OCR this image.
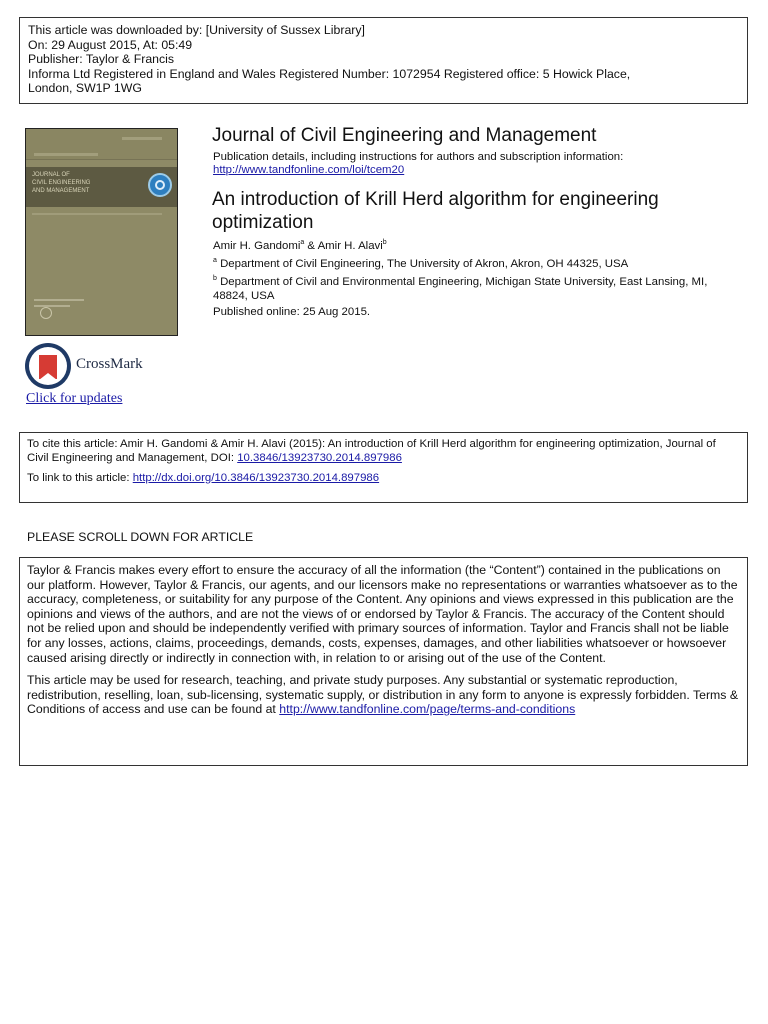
This article was downloaded by: [University of Sussex Library]
On: 29 August 2015, At: 05:49
Publisher: Taylor & Francis
Informa Ltd Registered in England and Wales Registered Number: 1072954 Registered office: 5 Howick Place,
London, SW1P 1WG
JOURNAL OF
CIVIL ENGINEERING
AND MANAGEMENT
Journal of Civil Engineering and Management
Publication details, including instructions for authors and subscription information:
http://www.tandfonline.com/loi/tcem20
An introduction of Krill Herd algorithm for engineering optimization
Amir H. Gandomi$^a$ & Amir H. Alavi$^b$
$^a$ Department of Civil Engineering, The University of Akron, Akron, OH 44325, USA
$^b$ Department of Civil and Environmental Engineering, Michigan State University, East Lansing, MI, 48824, USA
Published online: 25 Aug 2015.
CrossMark
Click for updates

To cite this article: Amir H. Gandomi & Amir H. Alavi (2015): An introduction of Krill Herd algorithm for engineering optimization, Journal of Civil Engineering and Management, DOI: 10.3846/13923730.2014.897986

To link to this article: http://dx.doi.org/10.3846/13923730.2014.897986

PLEASE SCROLL DOWN FOR ARTICLE

Taylor & Francis makes every effort to ensure the accuracy of all the information (the “Content”) contained in the publications on our platform. However, Taylor & Francis, our agents, and our licensors make no representations or warranties whatsoever as to the accuracy, completeness, or suitability for any purpose of the Content. Any opinions and views expressed in this publication are the opinions and views of the authors, and are not the views of or endorsed by Taylor & Francis. The accuracy of the Content should not be relied upon and should be independently verified with primary sources of information. Taylor and Francis shall not be liable for any losses, actions, claims, proceedings, demands, costs, expenses, damages, and other liabilities whatsoever or howsoever caused arising directly or indirectly in connection with, in relation to or arising out of the use of the Content.

This article may be used for research, teaching, and private study purposes. Any substantial or systematic reproduction, redistribution, reselling, loan, sub-licensing, systematic supply, or distribution in any form to anyone is expressly forbidden. Terms & Conditions of access and use can be found at http://www.tandfonline.com/page/terms-and-conditions
